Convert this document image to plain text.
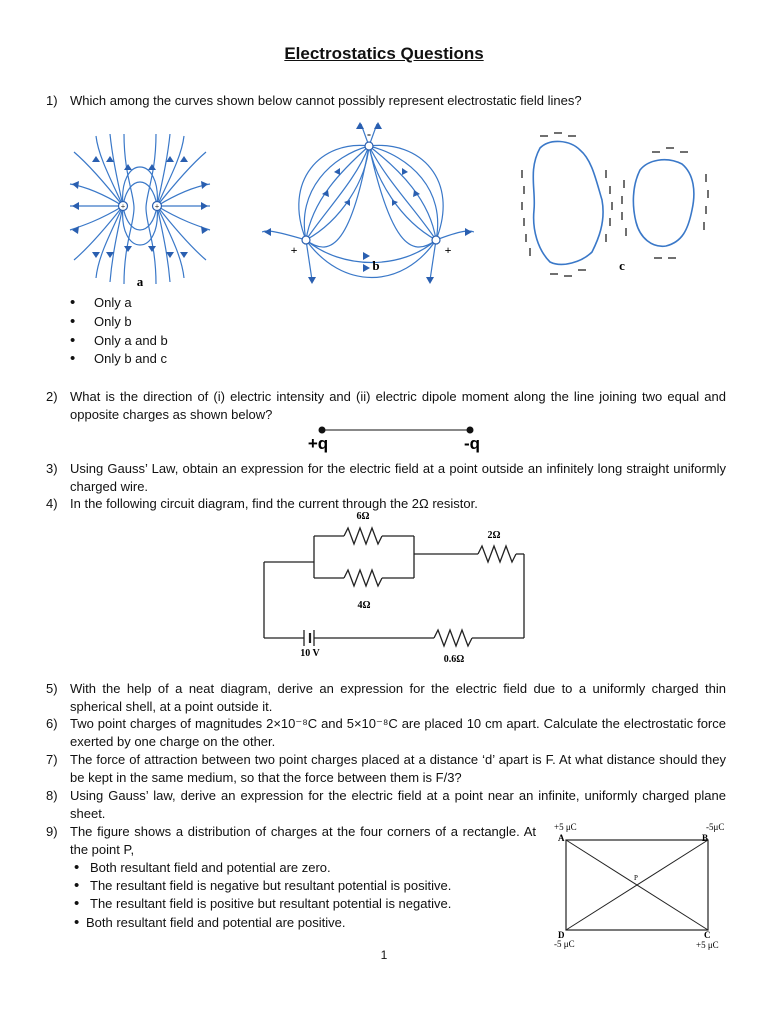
Electrostatics Questions
1) Which among the curves shown below cannot possibly represent electrostatic field lines?
+	+
a
-
+	+
b	c
• Only a
• Only b
• Only a and b
• Only b and c
2) What is the direction of (i) electric intensity and (ii) electric dipole moment along the line joining two equal and opposite charges as shown below?
+q	-q
3) Using Gauss’ Law, obtain an expression for the electric field at a point outside an infinitely long straight uniformly charged wire.
4) In the following circuit diagram, find the current through the 2Ω resistor.
6Ω
4Ω
2Ω
0.6Ω
10 V
5) With the help of a neat diagram, derive an expression for the electric field due to a uniformly charged thin spherical shell, at a point outside it.
6) Two point charges of magnitudes 2×10⁻⁸C and 5×10⁻⁸C are placed 10 cm apart. Calculate the electrostatic force exerted by one charge on the other.
7) The force of attraction between two point charges placed at a distance ‘d’ apart is F. At what distance should they be kept in the same medium, so that the force between them is F/3?
8) Using Gauss’ law, derive an expression for the electric field at a point near an infinite, uniformly charged plane sheet.
9) The figure shows a distribution of charges at the four corners of a rectangle. At the point P,
• Both resultant field and potential are zero.
• The resultant field is negative but resultant potential is positive.
• The resultant field is positive but resultant potential is negative.
• Both resultant field and potential are positive.
+5 μC
A
-5μC
B
C
+5 μC
D
-5 μC
P
1
